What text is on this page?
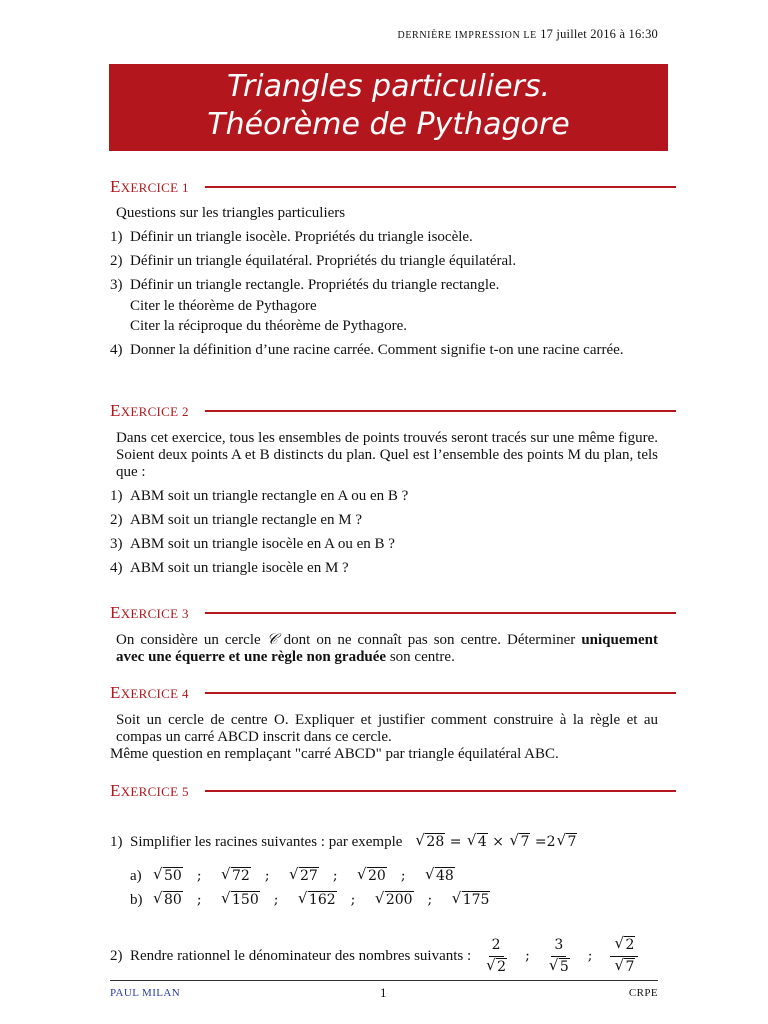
DERNIÈRE IMPRESSION LE 17 juillet 2016 à 16:30
Triangles particuliers.
Théorème de Pythagore
EXERCICE 1

Questions sur les triangles particuliers

1) Définir un triangle isocèle. Propriétés du triangle isocèle.
2) Définir un triangle équilatéral. Propriétés du triangle équilatéral.
3) Définir un triangle rectangle. Propriétés du triangle rectangle.
Citer le théorème de Pythagore
Citer la réciproque du théorème de Pythagore.
4) Donner la définition d’une racine carrée. Comment signifie t-on une racine carrée.
EXERCICE 2

Dans cet exercice, tous les ensembles de points trouvés seront tracés sur une même figure. Soient deux points A et B distincts du plan. Quel est l’ensemble des points M du plan, tels que :

1) ABM soit un triangle rectangle en A ou en B ?
2) ABM soit un triangle rectangle en M ?
3) ABM soit un triangle isocèle en A ou en B ?
4) ABM soit un triangle isocèle en M ?
EXERCICE 3

On considère un cercle 𝒞 dont on ne connaît pas son centre. Déterminer uniquement avec une équerre et une règle non graduée son centre.

EXERCICE 4

Soit un cercle de centre O. Expliquer et justifier comment construire à la règle et au compas un carré ABCD inscrit dans ce cercle.

Même question en remplaçant "carré ABCD" par triangle équilatéral ABC.

EXERCICE 5
1) Simplifier les racines suivantes : par exemple	√ 28 = √ 4 × √ 7 =2 √ 7
a)	√ 50 ; √ 72 ; √ 27 ; √ 20 ; √ 48
b)	√ 80 ; √ 150 ; √ 162 ; √ 200 ; √ 175
2) Rendre rationnel le dénominateur des nombres suivants : 2
√ 2 ; 3
√ 5 ; √ 2
√ 7
PAUL MILAN	1	CRPE
